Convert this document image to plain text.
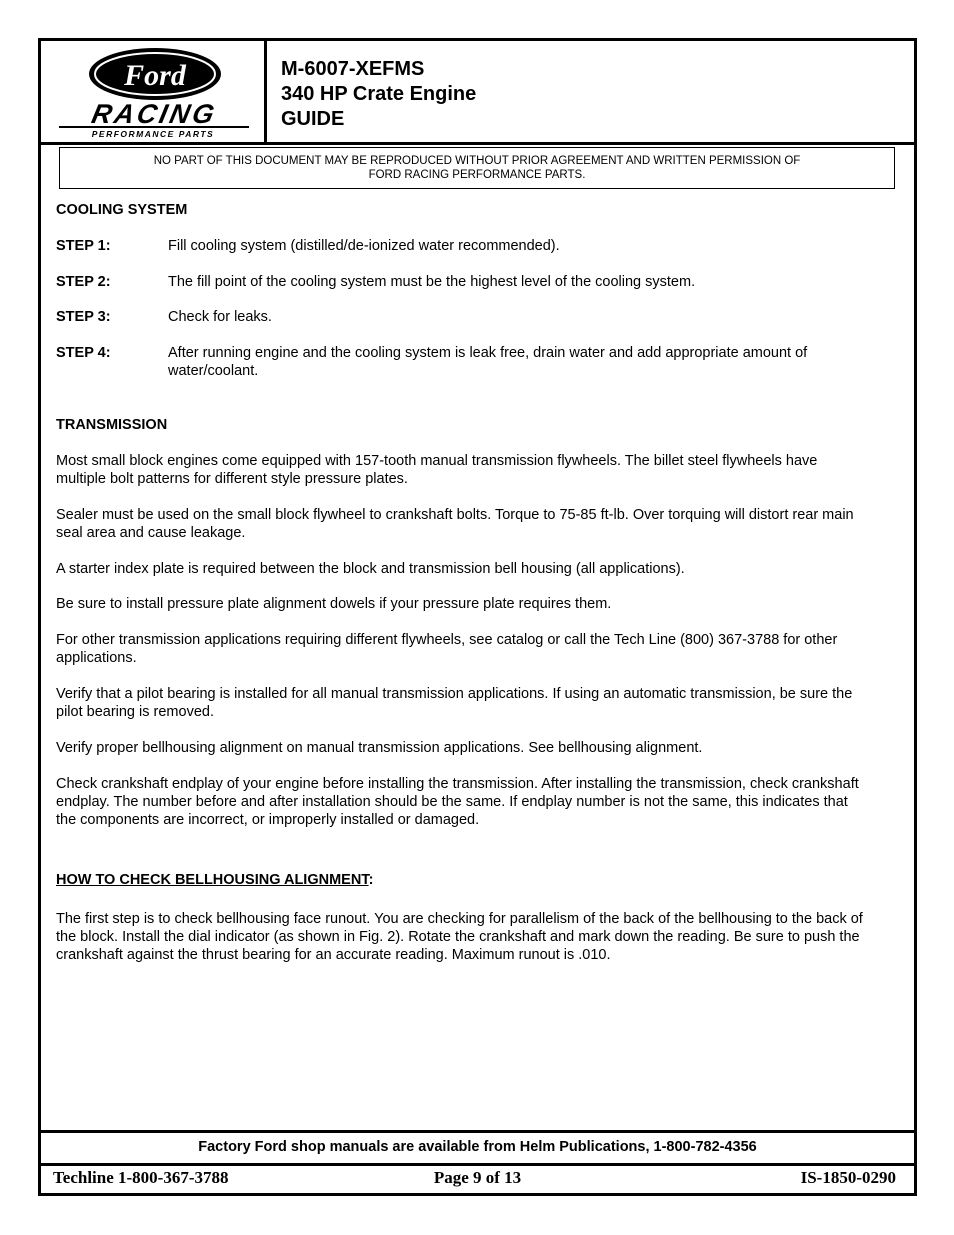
Ford
RACING
PERFORMANCE PARTS
M-6007-XEFMS
340 HP Crate Engine
GUIDE
NO PART OF THIS DOCUMENT MAY BE REPRODUCED WITHOUT PRIOR AGREEMENT AND WRITTEN PERMISSION OF
FORD RACING PERFORMANCE PARTS.
COOLING SYSTEM
STEP 1:	Fill cooling system (distilled/de-ionized water recommended).
STEP 2:	The fill point of the cooling system must be the highest level of the cooling system.
STEP 3:	Check for leaks.
STEP 4:	After running engine and the cooling system is leak free, drain water and add appropriate amount of water/coolant.
TRANSMISSION
Most small block engines come equipped with 157-tooth manual transmission flywheels. The billet steel flywheels have multiple bolt patterns for different style pressure plates.
Sealer must be used on the small block flywheel to crankshaft bolts. Torque to 75-85 ft-lb. Over torquing will distort rear main seal area and cause leakage.
A starter index plate is required between the block and transmission bell housing (all applications).
Be sure to install pressure plate alignment dowels if your pressure plate requires them.
For other transmission applications requiring different flywheels, see catalog or call the Tech Line (800) 367-3788 for other applications.
Verify that a pilot bearing is installed for all manual transmission applications. If using an automatic transmission, be sure the pilot bearing is removed.
Verify proper bellhousing alignment on manual transmission applications. See bellhousing alignment.
Check crankshaft endplay of your engine before installing the transmission. After installing the transmission, check crankshaft endplay. The number before and after installation should be the same. If endplay number is not the same, this indicates that the components are incorrect, or improperly installed or damaged.
HOW TO CHECK BELLHOUSING ALIGNMENT:
The first step is to check bellhousing face runout. You are checking for parallelism of the back of the bellhousing to the back of the block. Install the dial indicator (as shown in Fig. 2). Rotate the crankshaft and mark down the reading. Be sure to push the crankshaft against the thrust bearing for an accurate reading. Maximum runout is .010.
Factory Ford shop manuals are available from Helm Publications, 1-800-782-4356
Page 9 of 13
Techline 1-800-367-3788	IS-1850-0290
